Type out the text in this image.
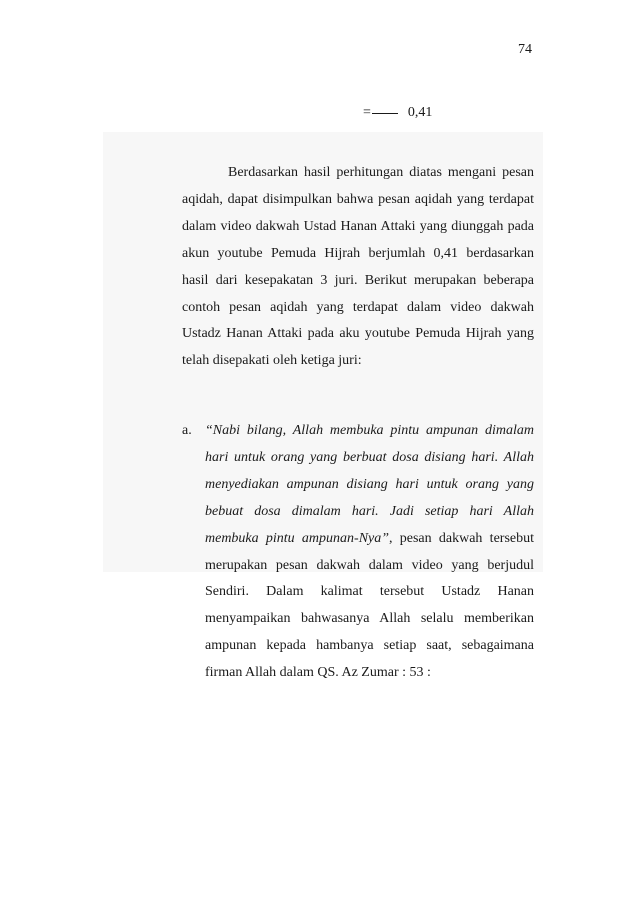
74
=	0,41
Berdasarkan hasil perhitungan diatas mengani pesan aqidah, dapat disimpulkan bahwa pesan aqidah yang terdapat dalam video dakwah Ustad Hanan Attaki yang diunggah pada akun youtube Pemuda Hijrah berjumlah 0,41 berdasarkan hasil dari kesepakatan 3 juri. Berikut merupakan beberapa contoh pesan aqidah yang terdapat dalam video dakwah Ustadz Hanan Attaki pada aku youtube Pemuda Hijrah yang telah disepakati oleh ketiga juri:
a. “Nabi bilang, Allah membuka pintu ampunan dimalam hari untuk orang yang berbuat dosa disiang hari. Allah menyediakan ampunan disiang hari untuk orang yang bebuat dosa dimalam hari. Jadi setiap hari Allah membuka pintu ampunan-Nya”, pesan dakwah tersebut merupakan pesan dakwah dalam video yang berjudul Sendiri. Dalam kalimat tersebut Ustadz Hanan menyampaikan bahwasanya Allah selalu memberikan ampunan kepada hambanya setiap saat, sebagaimana firman Allah dalam QS. Az Zumar : 53 :
